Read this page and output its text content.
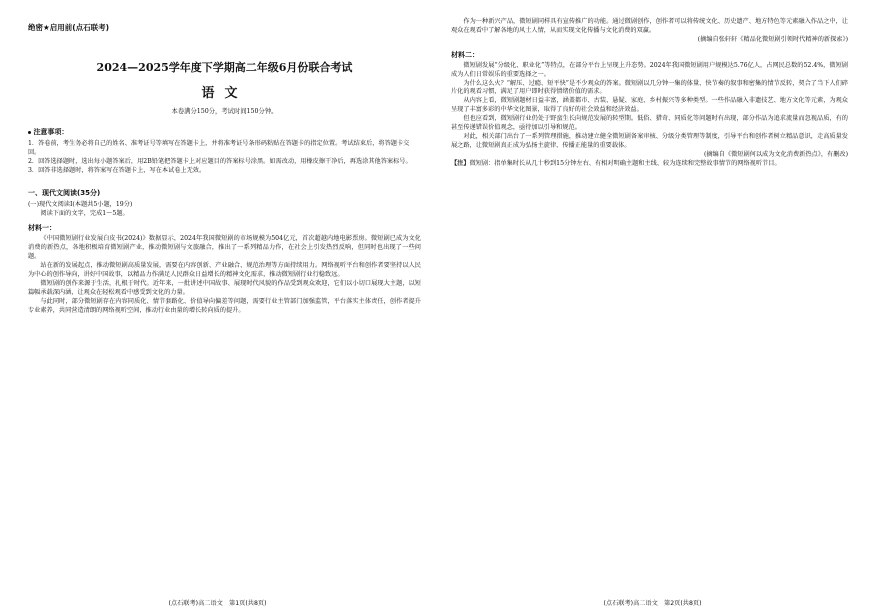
绝密★启用前(点石联考)
2024—2025学年度下学期高二年级6月份联合考试
语文
本卷满分150分，考试时间150分钟。
注意事项：

1．答卷前，考生务必将自己的姓名、准考证号等填写在答题卡上，并将准考证号条形码粘贴在答题卡的指定位置。考试结束后，将答题卡交回。

2．回答选择题时，选出每小题答案后，用2B铅笔把答题卡上对应题目的答案标号涂黑。如需改动，用橡皮擦干净后，再选涂其他答案标号。

3．回答非选择题时，将答案写在答题卡上，写在本试卷上无效。

一、现代文阅读(35分)

(一)现代文阅读Ⅰ(本题共5小题，19分)

阅读下面的文字，完成1～5题。

材料一：

《中国微短剧行业发展白皮书(2024)》数据显示，2024年我国微短剧的市场规模为504亿元，首次超越内地电影票房。微短剧已成为文化消费的新热点，各地积极培育微短剧产业，推动微短剧与文旅融合，推出了一系列精品力作，在社会上引发热烈反响，但同时也出现了一些问题。

站在新的发展起点，推动微短剧高质量发展，需要在内容创新、产业融合、规范治理等方面持续用力。网络视听平台和创作者要坚持以人民为中心的创作导向，讲好中国故事，以精品力作满足人民群众日益增长的精神文化需求，推动微短剧行业行稳致远。

微短剧的创作来源于生活，扎根于时代。近年来，一批讲述中国故事、展现时代风貌的作品受到观众欢迎，它们以小切口展现大主题，以短篇幅承载深内涵，让观众在轻松观看中感受到文化的力量。

与此同时，部分微短剧存在内容同质化、情节套路化、价值导向偏差等问题，需要行业主管部门加强监管，平台落实主体责任，创作者提升专业素养，共同营造清朗的网络视听空间，推动行业由量的增长转向质的提升。

(点石联考)高二语文　第1页(共8页)

作为一种新兴产品，微短剧同样具有宣传推广的功能。通过微剧创作，创作者可以将传统文化、历史遗产、地方特色等元素融入作品之中，让观众在观看中了解各地的风土人情，从而实现文化传播与文化消费的双赢。

(摘编自张轩轩《精品化微短剧引领时代精神的新探索》)

材料二：

微短剧发展“分级化、职业化”等特点，在部分平台上呈现上升态势。2024年我国微短剧用户规模达5.76亿人，占网民总数的52.4%，微短剧成为人们日常娱乐的重要选择之一。

为什么这么火？“解压、过瘾、短平快”是不少观众的答案。微短剧以几分钟一集的体量、快节奏的叙事和密集的情节反转，契合了当下人们碎片化的观看习惯，满足了用户即时获得情绪价值的需求。

从内容上看，微短剧题材日益丰富，涵盖都市、古装、悬疑、家庭、乡村振兴等多种类型。一些作品融入非遗技艺、地方文化等元素，为观众呈现了丰富多彩的中华文化图景，取得了良好的社会效益和经济效益。

但也应看到，微短剧行业仍处于野蛮生长向规范发展的转型期。低俗、猎奇、同质化等问题时有出现，部分作品为追求流量而忽视品质，有的甚至传递错误价值观念，亟待加以引导和规范。

对此，相关部门出台了一系列管理措施，推动建立健全微短剧备案审核、分级分类管理等制度，引导平台和创作者树立精品意识，走高质量发展之路，让微短剧真正成为弘扬主旋律、传播正能量的重要载体。

(摘编自《微短剧何以成为文化消费新热点》，有删改)

【注】微短剧：指单集时长从几十秒到15分钟左右、有相对明确主题和主线、较为连续和完整故事情节的网络视听节目。

(点石联考)高二语文　第2页(共8页)
